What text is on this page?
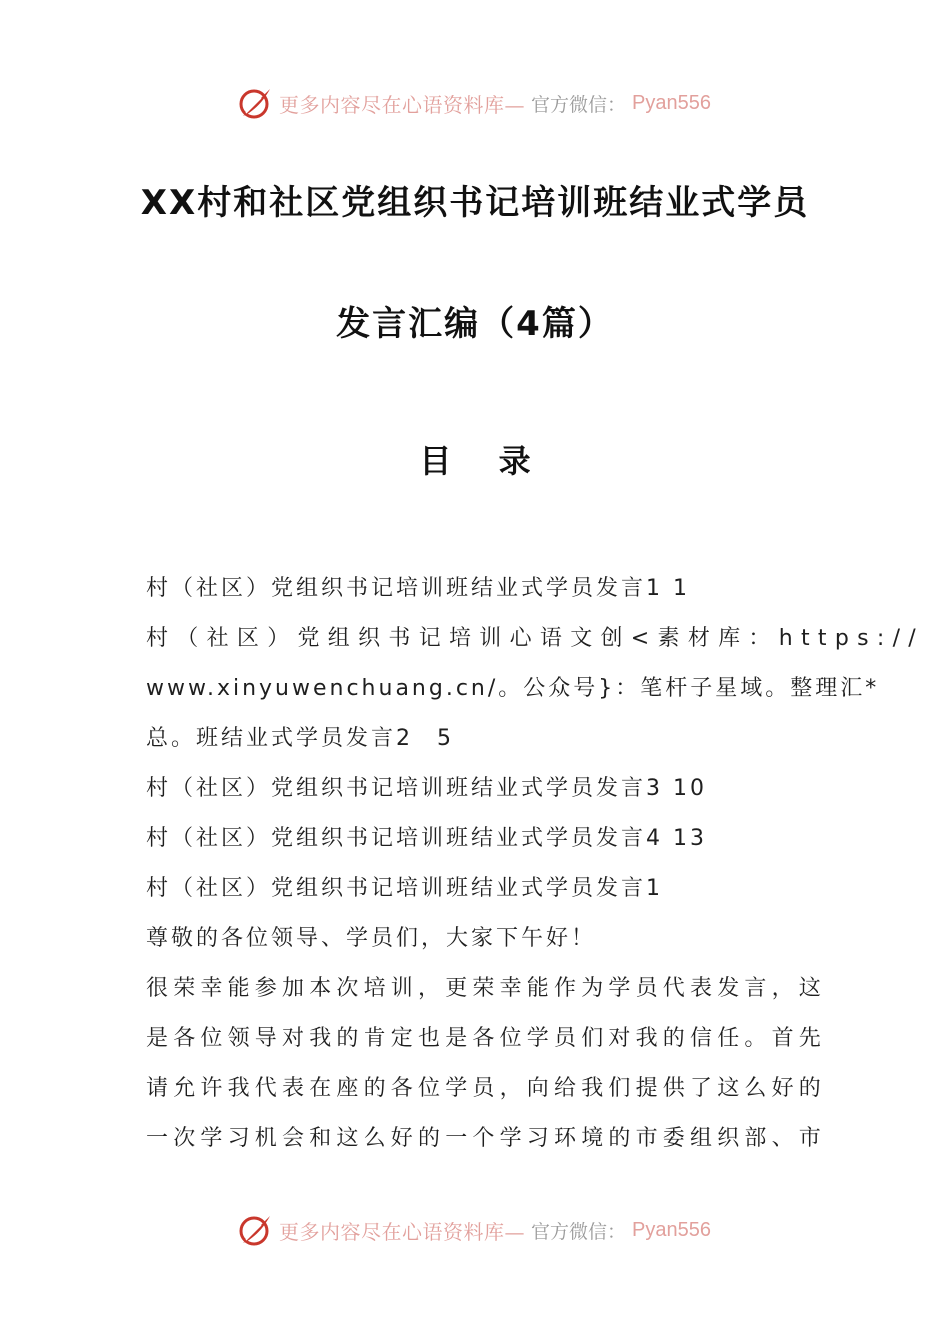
更多内容尽在心语资料库— 官方微信： Pyan556
XX村和社区党组织书记培训班结业式学员
发言汇编（4篇）
目 录
村（社区）党组织书记培训班结业式学员发言1 1
村（社区）党组织书记培训心语文创<素材库：https://
www.xinyuwenchuang.cn/。公众号}：笔杆子星域。整理汇*
总。班结业式学员发言2 5
村（社区）党组织书记培训班结业式学员发言3 10
村（社区）党组织书记培训班结业式学员发言4 13
村（社区）党组织书记培训班结业式学员发言1
尊敬的各位领导、学员们，大家下午好！
很荣幸能参加本次培训，更荣幸能作为学员代表发言，这
是各位领导对我的肯定也是各位学员们对我的信任。首先
请允许我代表在座的各位学员，向给我们提供了这么好的
一次学习机会和这么好的一个学习环境的市委组织部、市
更多内容尽在心语资料库— 官方微信： Pyan556
